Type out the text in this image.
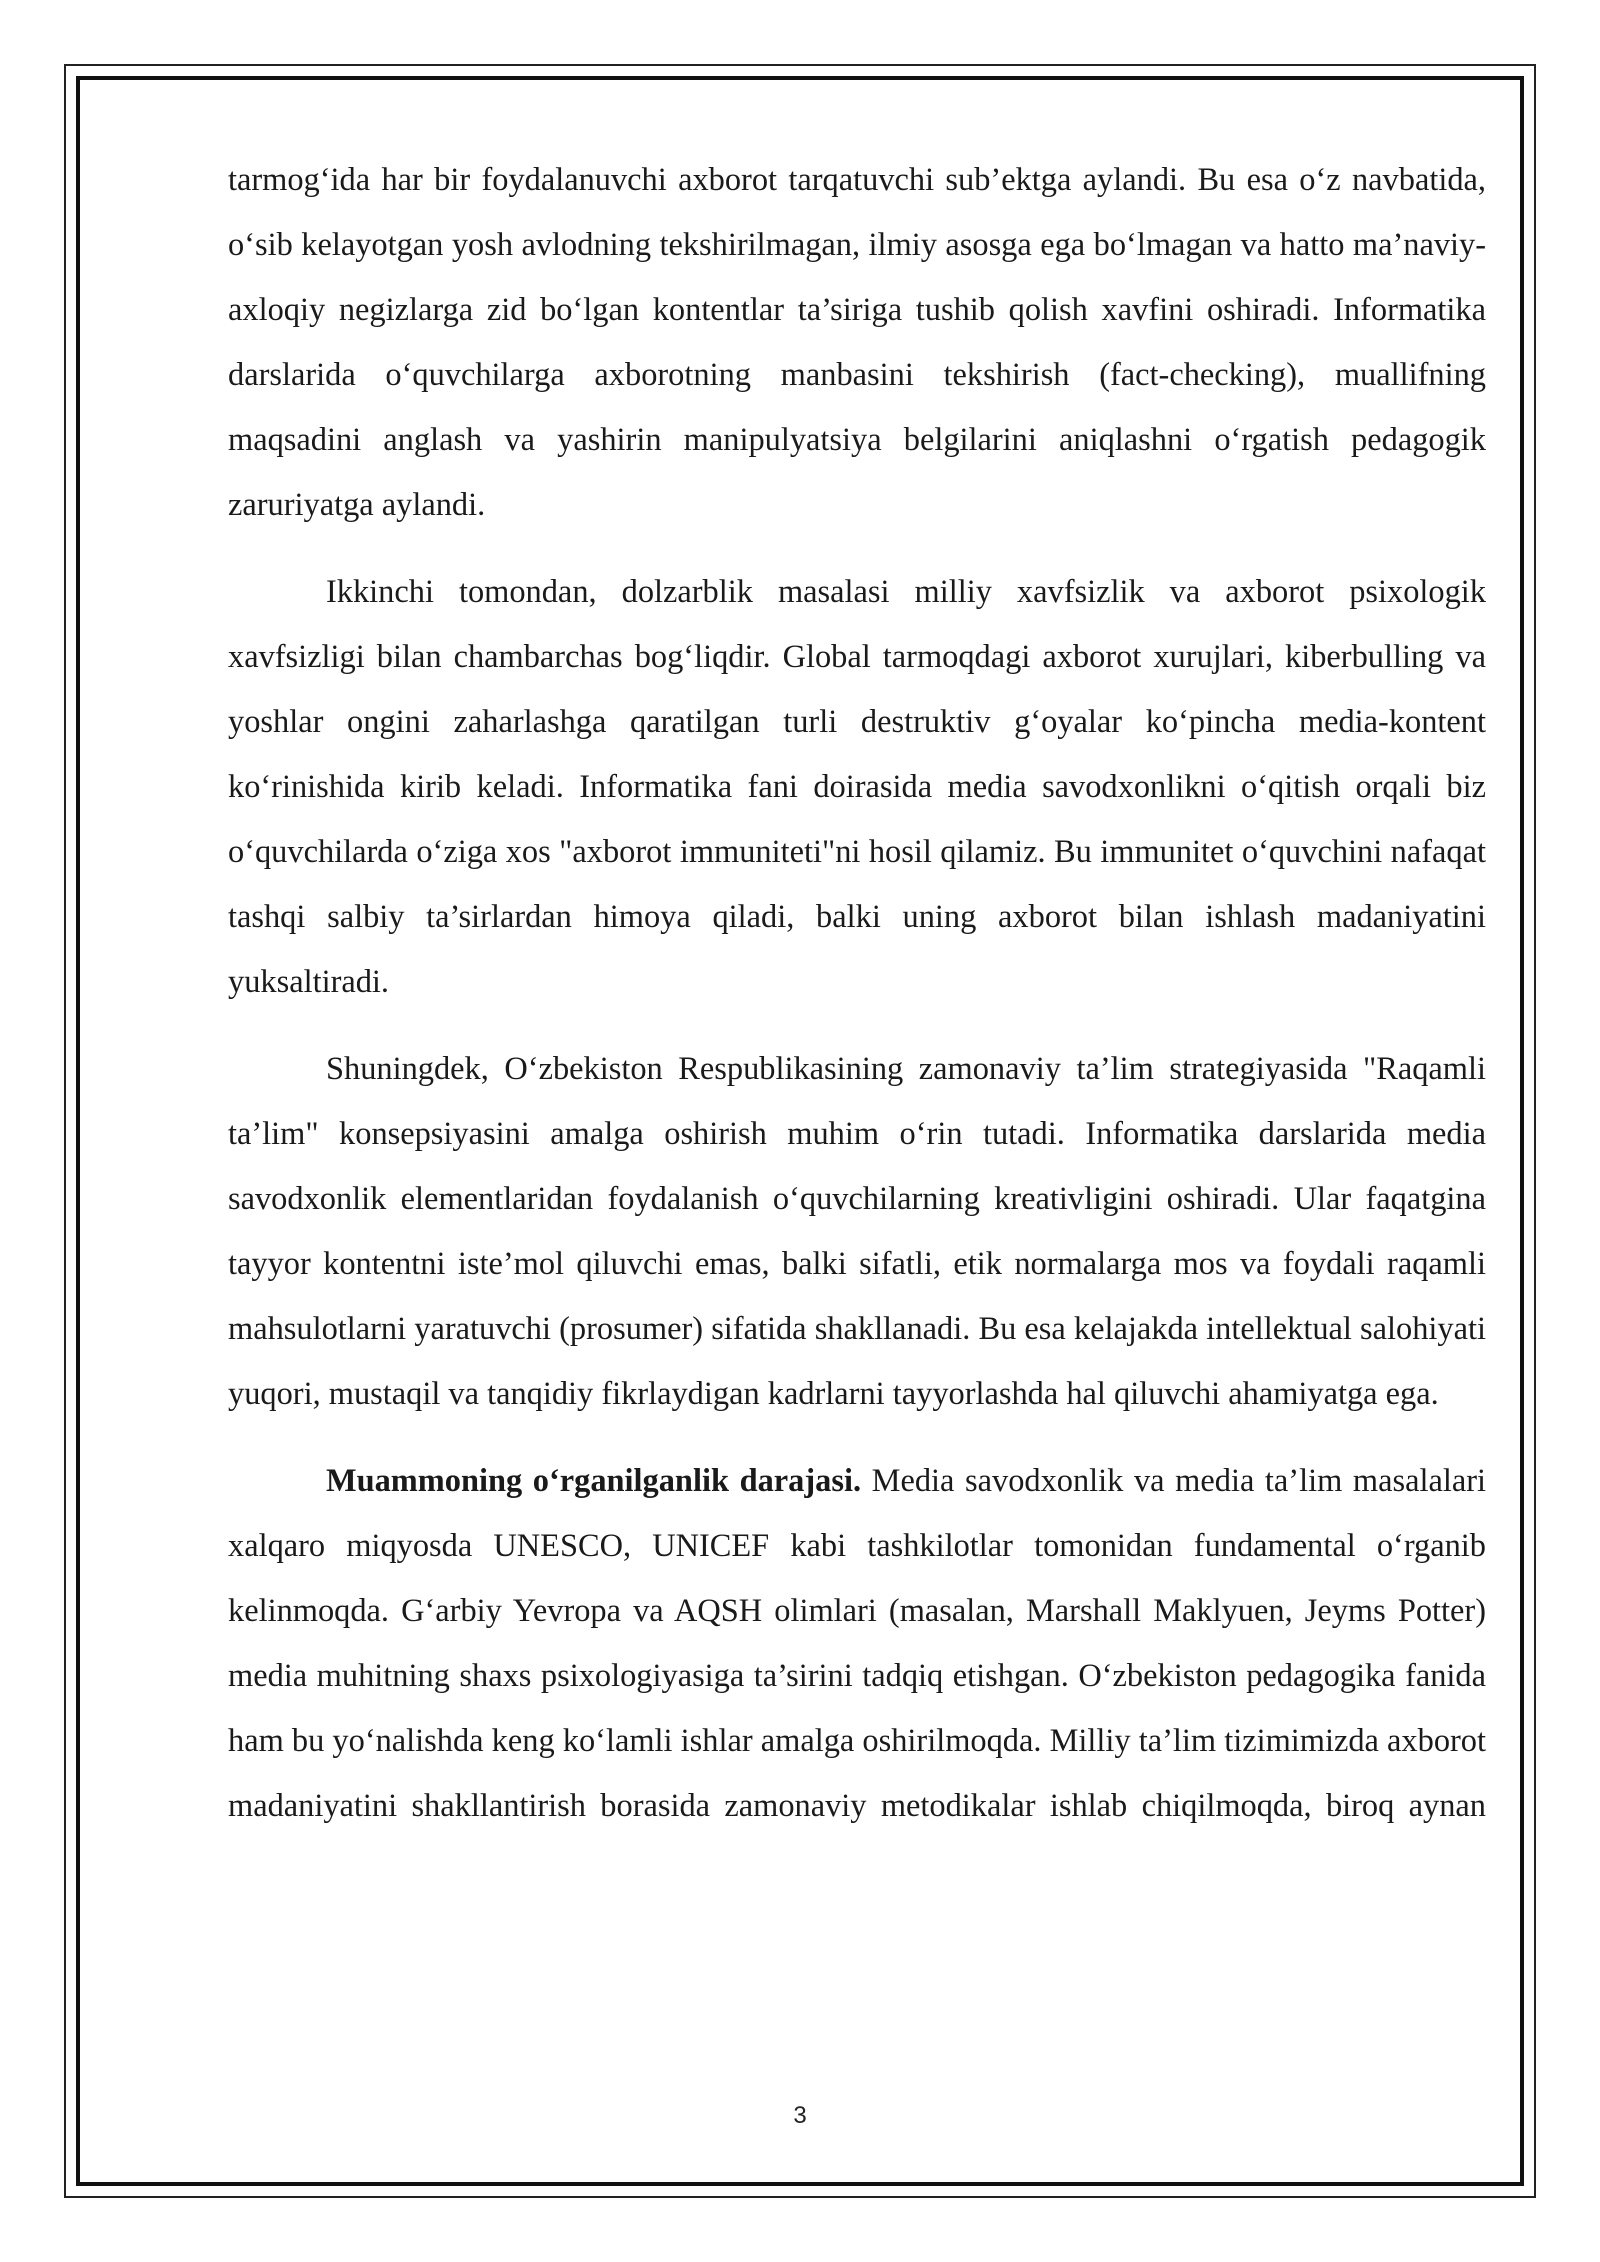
tarmog‘ida har bir foydalanuvchi axborot tarqatuvchi sub’ektga aylandi. Bu esa o‘z navbatida, o‘sib kelayotgan yosh avlodning tekshirilmagan, ilmiy asosga ega bo‘lmagan va hatto ma’naviy-axloqiy negizlarga zid bo‘lgan kontentlar ta’siriga tushib qolish xavfini oshiradi. Informatika darslarida o‘quvchilarga axborotning manbasini tekshirish (fact-checking), muallifning maqsadini anglash va yashirin manipulyatsiya belgilarini aniqlashni o‘rgatish pedagogik zaruriyatga aylandi.

Ikkinchi tomondan, dolzarblik masalasi milliy xavfsizlik va axborot psixologik xavfsizligi bilan chambarchas bog‘liqdir. Global tarmoqdagi axborot xurujlari, kiberbulling va yoshlar ongini zaharlashga qaratilgan turli destruktiv g‘oyalar ko‘pincha media-kontent ko‘rinishida kirib keladi. Informatika fani doirasida media savodxonlikni o‘qitish orqali biz o‘quvchilarda o‘ziga xos "axborot immuniteti"ni hosil qilamiz. Bu immunitet o‘quvchini nafaqat tashqi salbiy ta’sirlardan himoya qiladi, balki uning axborot bilan ishlash madaniyatini yuksaltiradi.

Shuningdek, O‘zbekiston Respublikasining zamonaviy ta’lim strategiyasida "Raqamli ta’lim" konsepsiyasini amalga oshirish muhim o‘rin tutadi. Informatika darslarida media savodxonlik elementlaridan foydalanish o‘quvchilarning kreativligini oshiradi. Ular faqatgina tayyor kontentni iste’mol qiluvchi emas, balki sifatli, etik normalarga mos va foydali raqamli mahsulotlarni yaratuvchi (prosumer) sifatida shakllanadi. Bu esa kelajakda intellektual salohiyati yuqori, mustaqil va tanqidiy fikrlaydigan kadrlarni tayyorlashda hal qiluvchi ahamiyatga ega.

Muammoning o‘rganilganlik darajasi. Media savodxonlik va media ta’lim masalalari xalqaro miqyosda UNESCO, UNICEF kabi tashkilotlar tomonidan fundamental o‘rganib kelinmoqda. G‘arbiy Yevropa va AQSH olimlari (masalan, Marshall Maklyuen, Jeyms Potter) media muhitning shaxs psixologiyasiga ta’sirini tadqiq etishgan. O‘zbekiston pedagogika fanida ham bu yo‘nalishda keng ko‘lamli ishlar amalga oshirilmoqda. Milliy ta’lim tizimimizda axborot madaniyatini shakllantirish borasida zamonaviy metodikalar ishlab chiqilmoqda, biroq aynan

3
